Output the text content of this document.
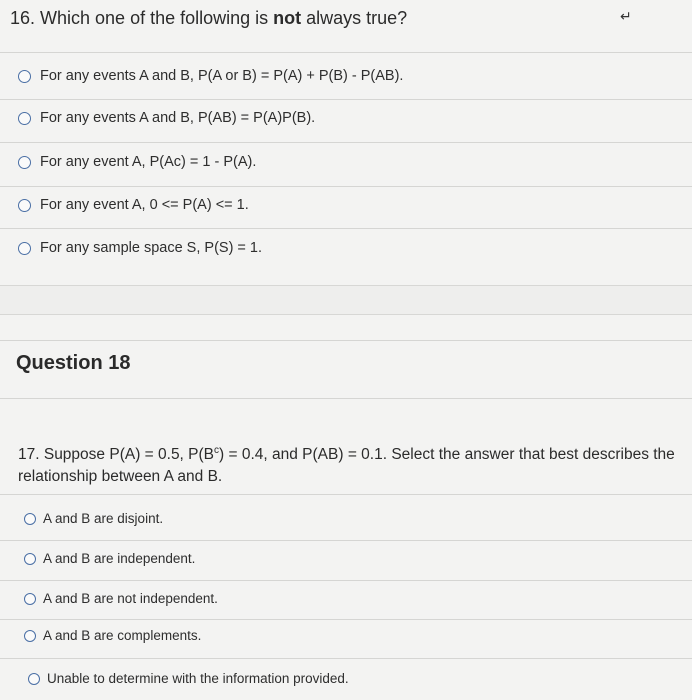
16. Which one of the following is not always true?	↵
For any events A and B, P(A or B) = P(A) + P(B) - P(AB).
For any events A and B, P(AB) = P(A)P(B).
For any event A, P(Ac) = 1 - P(A).
For any event A, 0 <= P(A) <= 1.
For any sample space S, P(S) = 1.
Question 18
17. Suppose P(A) = 0.5, $P(B^c) = 0.4$, and P(AB) = 0.1. Select the answer that best describes the relationship between A and B.
A and B are disjoint.
A and B are independent.
A and B are not independent.
A and B are complements.
Unable to determine with the information provided.
